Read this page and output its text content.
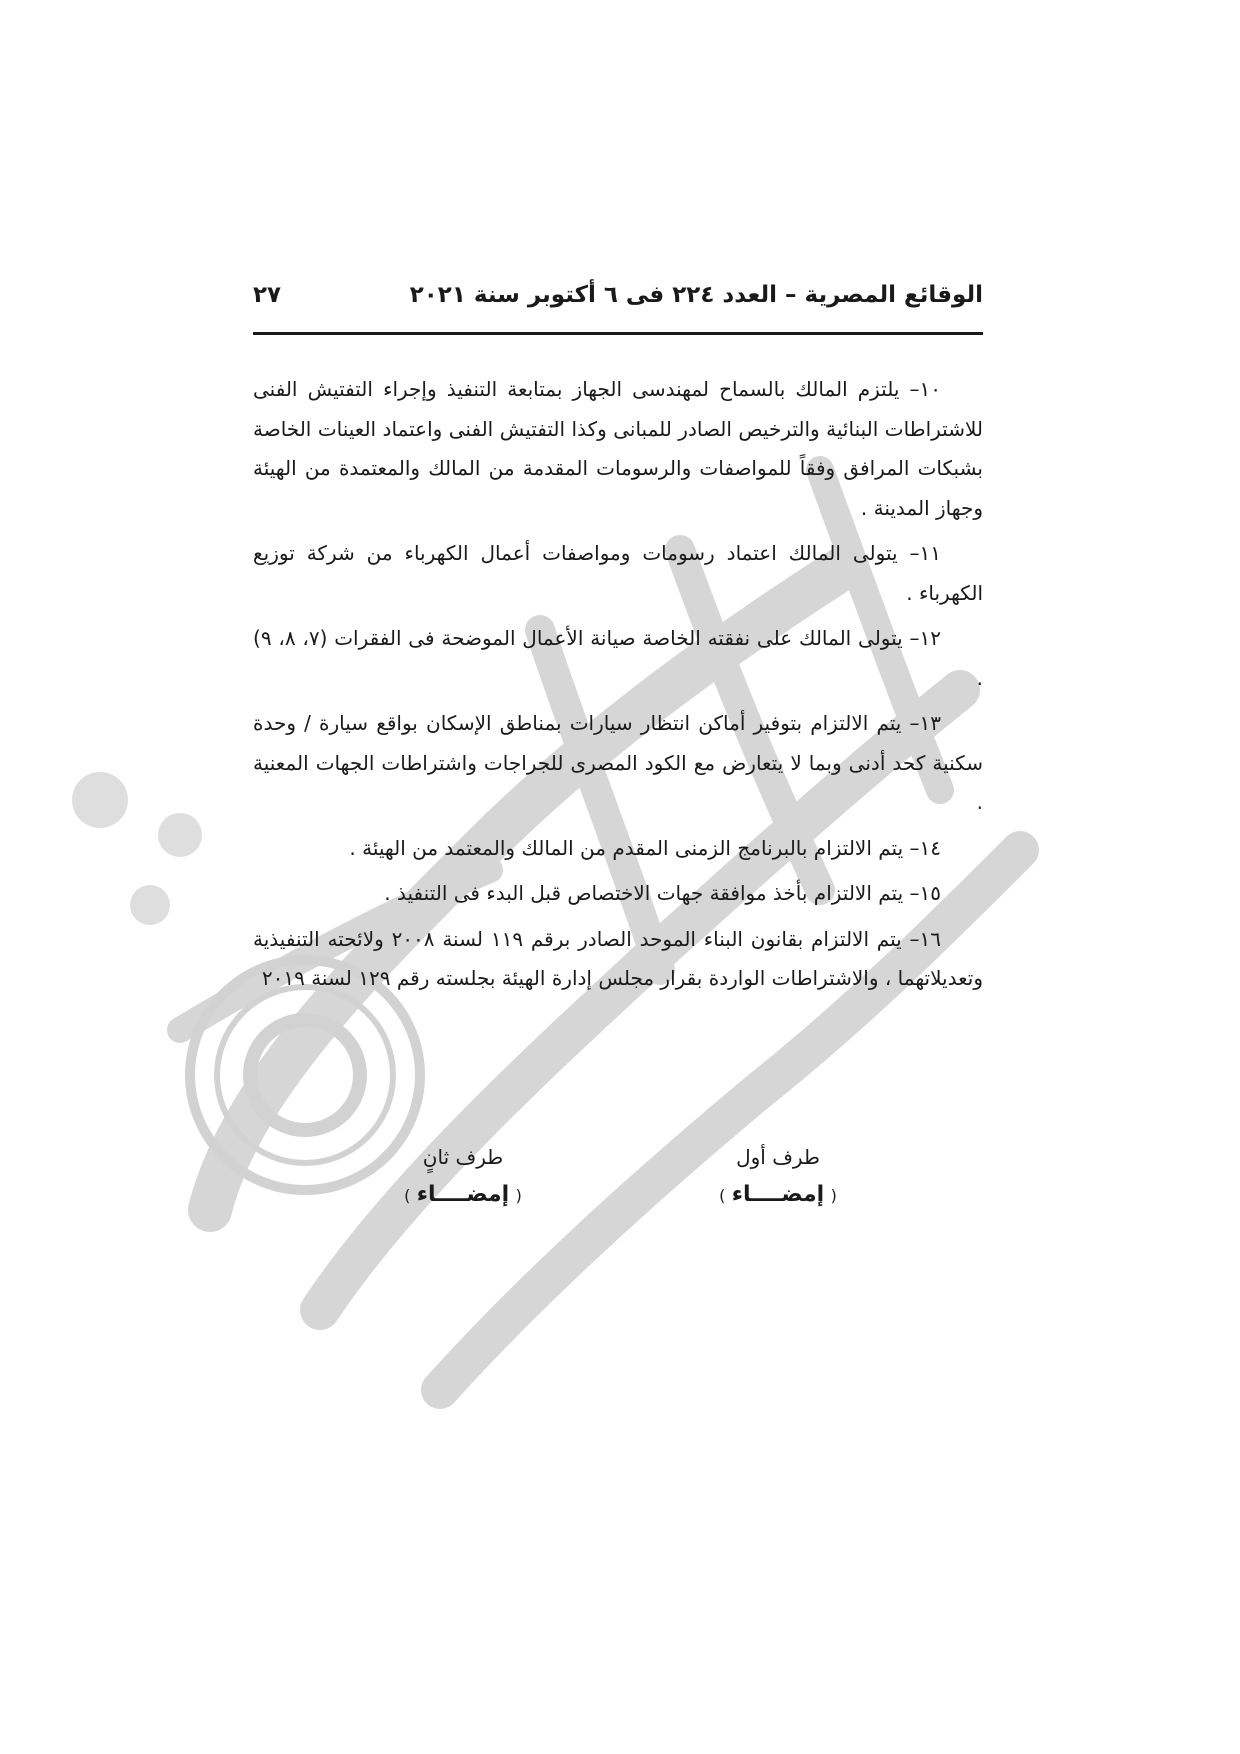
الوقائع المصرية – العدد ٢٢٤ فى ٦ أكتوبر سنة ٢٠٢١
٢٧

١٠– يلتزم المالك بالسماح لمهندسى الجهاز بمتابعة التنفيذ وإجراء التفتيش الفنى للاشتراطات البنائية والترخيص الصادر للمبانى وكذا التفتيش الفنى واعتماد العينات الخاصة بشبكات المرافق وفقاً للمواصفات والرسومات المقدمة من المالك والمعتمدة من الهيئة وجهاز المدينة .

١١– يتولى المالك اعتماد رسومات ومواصفات أعمال الكهرباء من شركة توزيع الكهرباء .

١٢– يتولى المالك على نفقته الخاصة صيانة الأعمال الموضحة فى الفقرات (٧، ٨، ٩) .

١٣– يتم الالتزام بتوفير أماكن انتظار سيارات بمناطق الإسكان بواقع سيارة / وحدة سكنية كحد أدنى وبما لا يتعارض مع الكود المصرى للجراجات واشتراطات الجهات المعنية .

١٤– يتم الالتزام بالبرنامج الزمنى المقدم من المالك والمعتمد من الهيئة .

١٥– يتم الالتزام بأخذ موافقة جهات الاختصاص قبل البدء فى التنفيذ .

١٦– يتم الالتزام بقانون البناء الموحد الصادر برقم ١١٩ لسنة ٢٠٠٨ ولائحته التنفيذية وتعديلاتهما ، والاشتراطات الواردة بقرار مجلس إدارة الهيئة بجلسته رقم ١٢٩ لسنة ٢٠١٩

طرف أول
( إمضــــاء )
طرف ثانٍ
( إمضــــاء )
